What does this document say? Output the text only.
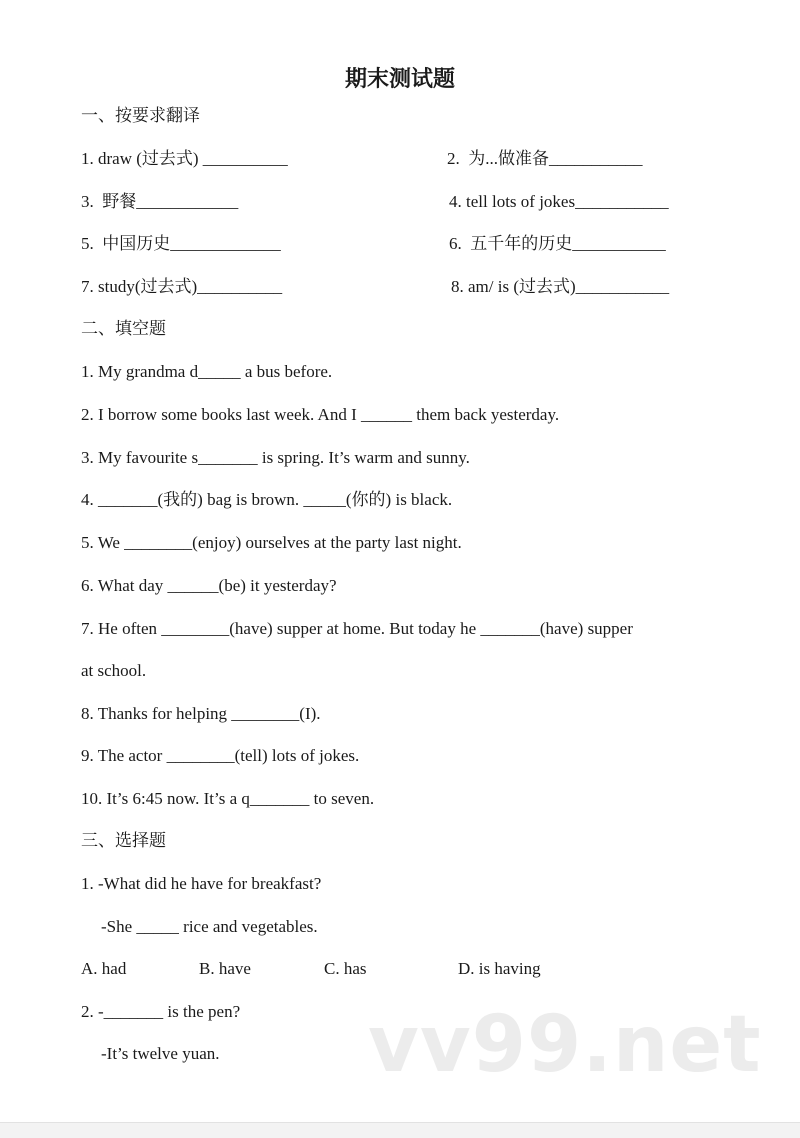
期末测试题
一、按要求翻译
1. draw (过去式) __________	2.  为...做准备___________
3.  野餐____________	4. tell lots of jokes___________
5.  中国历史_____________	6.  五千年的历史___________
7. study(过去式)__________	8. am/ is (过去式)___________
二、填空题
1. My grandma d_____ a bus before.
2. I borrow some books last week. And I ______ them back yesterday.
3. My favourite s_______ is spring. It’s warm and sunny.
4. _______(我的) bag is brown. _____(你的) is black.
5. We ________(enjoy) ourselves at the party last night.
6. What day ______(be) it yesterday?
7. He often ________(have) supper at home. But today he _______(have) supper
at school.
8. Thanks for helping ________(I).
9. The actor ________(tell) lots of jokes.
10. It’s 6:45 now. It’s a q_______ to seven.
三、选择题
1. -What did he have for breakfast?
-She _____ rice and vegetables.
A. had	B. have	C. has	D. is having
2. -_______ is the pen?
-It’s twelve yuan. vv99.net
